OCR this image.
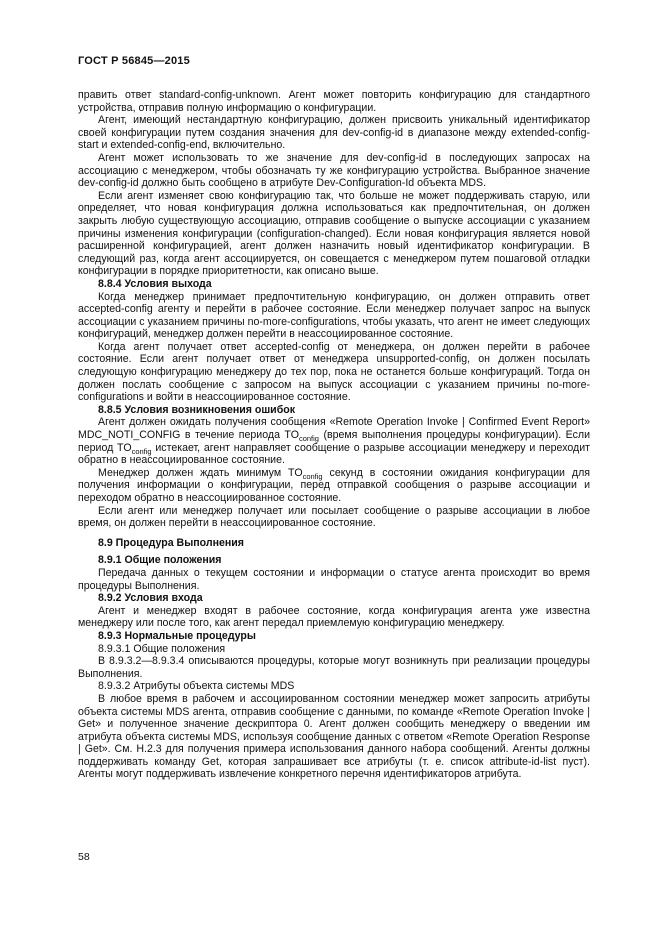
ГОСТ Р 56845—2015
править ответ standard-config-unknown. Агент может повторить конфигурацию для стандартного устройства, отправив полную информацию о конфигурации.
Агент, имеющий нестандартную конфигурацию, должен присвоить уникальный идентификатор своей конфигурации путем создания значения для dev-config-id в диапазоне между extended-config-start и extended-config-end, включительно.
Агент может использовать то же значение для dev-config-id в последующих запросах на ассоциацию с менеджером, чтобы обозначать ту же конфигурацию устройства. Выбранное значение dev-config-id должно быть сообщено в атрибуте Dev-Configuration-Id объекта MDS.
Если агент изменяет свою конфигурацию так, что больше не может поддерживать старую, или определяет, что новая конфигурация должна использоваться как предпочтительная, он должен закрыть любую существующую ассоциацию, отправив сообщение о выпуске ассоциации с указанием причины изменения конфигурации (configuration-changed). Если новая конфигурация является новой расширенной конфигурацией, агент должен назначить новый идентификатор конфигурации. В следующий раз, когда агент ассоциируется, он совещается с менеджером путем пошаговой отладки конфигурации в порядке приоритетности, как описано выше.
8.8.4 Условия выхода
Когда менеджер принимает предпочтительную конфигурацию, он должен отправить ответ accepted-config агенту и перейти в рабочее состояние. Если менеджер получает запрос на выпуск ассоциации с указанием причины no-more-configurations, чтобы указать, что агент не имеет следующих конфигураций, менеджер должен перейти в неассоциированное состояние.
Когда агент получает ответ accepted-config от менеджера, он должен перейти в рабочее состояние. Если агент получает ответ от менеджера unsupported-config, он должен посылать следующую конфигурацию менеджеру до тех пор, пока не останется больше конфигураций. Тогда он должен послать сообщение с запросом на выпуск ассоциации с указанием причины no-more-configurations и войти в неассоциированное состояние.
8.8.5 Условия возникновения ошибок
Агент должен ожидать получения сообщения «Remote Operation Invoke | Confirmed Event Report» MDC_NOTI_CONFIG в течение периода $TO_{config}$ (время выполнения процедуры конфигурации). Если период $TO_{config}$ истекает, агент направляет сообщение о разрыве ассоциации менеджеру и переходит обратно в неассоциированное состояние.
Менеджер должен ждать минимум $TO_{config}$ секунд в состоянии ожидания конфигурации для получения информации о конфигурации, перед отправкой сообщения о разрыве ассоциации и переходом обратно в неассоциированное состояние.
Если агент или менеджер получает или посылает сообщение о разрыве ассоциации в любое время, он должен перейти в неассоциированное состояние.
8.9 Процедура Выполнения
8.9.1 Общие положения
Передача данных о текущем состоянии и информации о статусе агента происходит во время процедуры Выполнения.
8.9.2 Условия входа
Агент и менеджер входят в рабочее состояние, когда конфигурация агента уже известна менеджеру или после того, как агент передал приемлемую конфигурацию менеджеру.
8.9.3 Нормальные процедуры
8.9.3.1 Общие положения
В 8.9.3.2—8.9.3.4 описываются процедуры, которые могут возникнуть при реализации процедуры Выполнения.
8.9.3.2 Атрибуты объекта системы MDS
В любое время в рабочем и ассоциированном состоянии менеджер может запросить атрибуты объекта системы MDS агента, отправив сообщение с данными, по команде «Remote Operation Invoke | Get» и полученное значение дескриптора 0. Агент должен сообщить менеджеру о введении им атрибута объекта системы MDS, используя сообщение данных с ответом «Remote Operation Response | Get». См. Н.2.3 для получения примера использования данного набора сообщений. Агенты должны поддерживать команду Get, которая запрашивает все атрибуты (т. е. список attribute-id-list пуст). Агенты могут поддерживать извлечение конкретного перечня идентификаторов атрибута.
58
